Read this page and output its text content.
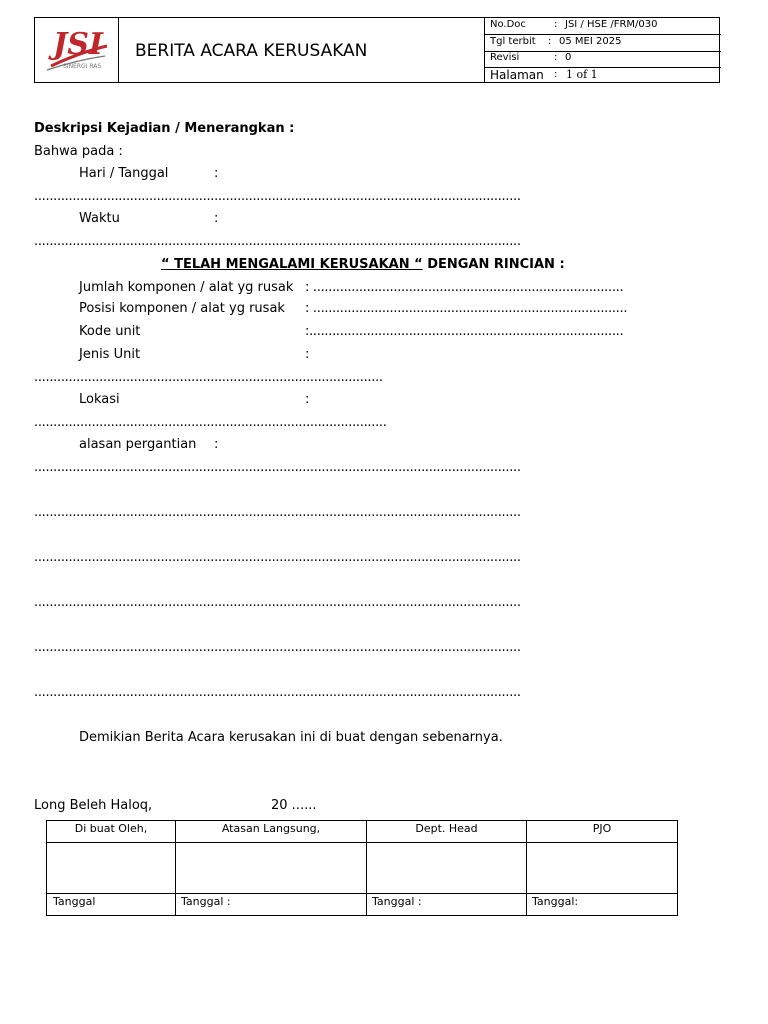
JSI
SINERGI RAS
BERITA ACARA KERUSAKAN
No.Doc	: JSI / HSE /FRM/030
Tgl terbit : 05 MEI 2025
Revisi	: 0
Halaman : 1 of 1
Deskripsi Kejadian / Menerangkan :
Bahwa pada :
Hari / Tanggal	:
...............................................................................................................................
Waktu	:
...............................................................................................................................
“ TELAH MENGALAMI KERUSAKAN “ DENGAN RINCIAN :
Jumlah komponen / alat yg rusak : .................................................................................
Posisi komponen / alat yg rusak : ..................................................................................
Kode unit	:..................................................................................
Jenis Unit	:
...........................................................................................
Lokasi	:
............................................................................................
alasan pergantian :
...............................................................................................................................
...............................................................................................................................
...............................................................................................................................
...............................................................................................................................
...............................................................................................................................
...............................................................................................................................
Demikian Berita Acara kerusakan ini di buat dengan sebenarnya.
Long Beleh Haloq,	20 ......
Di buat Oleh,	Atasan Langsung,	Dept. Head	PJO
Tanggal	Tanggal :	Tanggal :	Tanggal:
